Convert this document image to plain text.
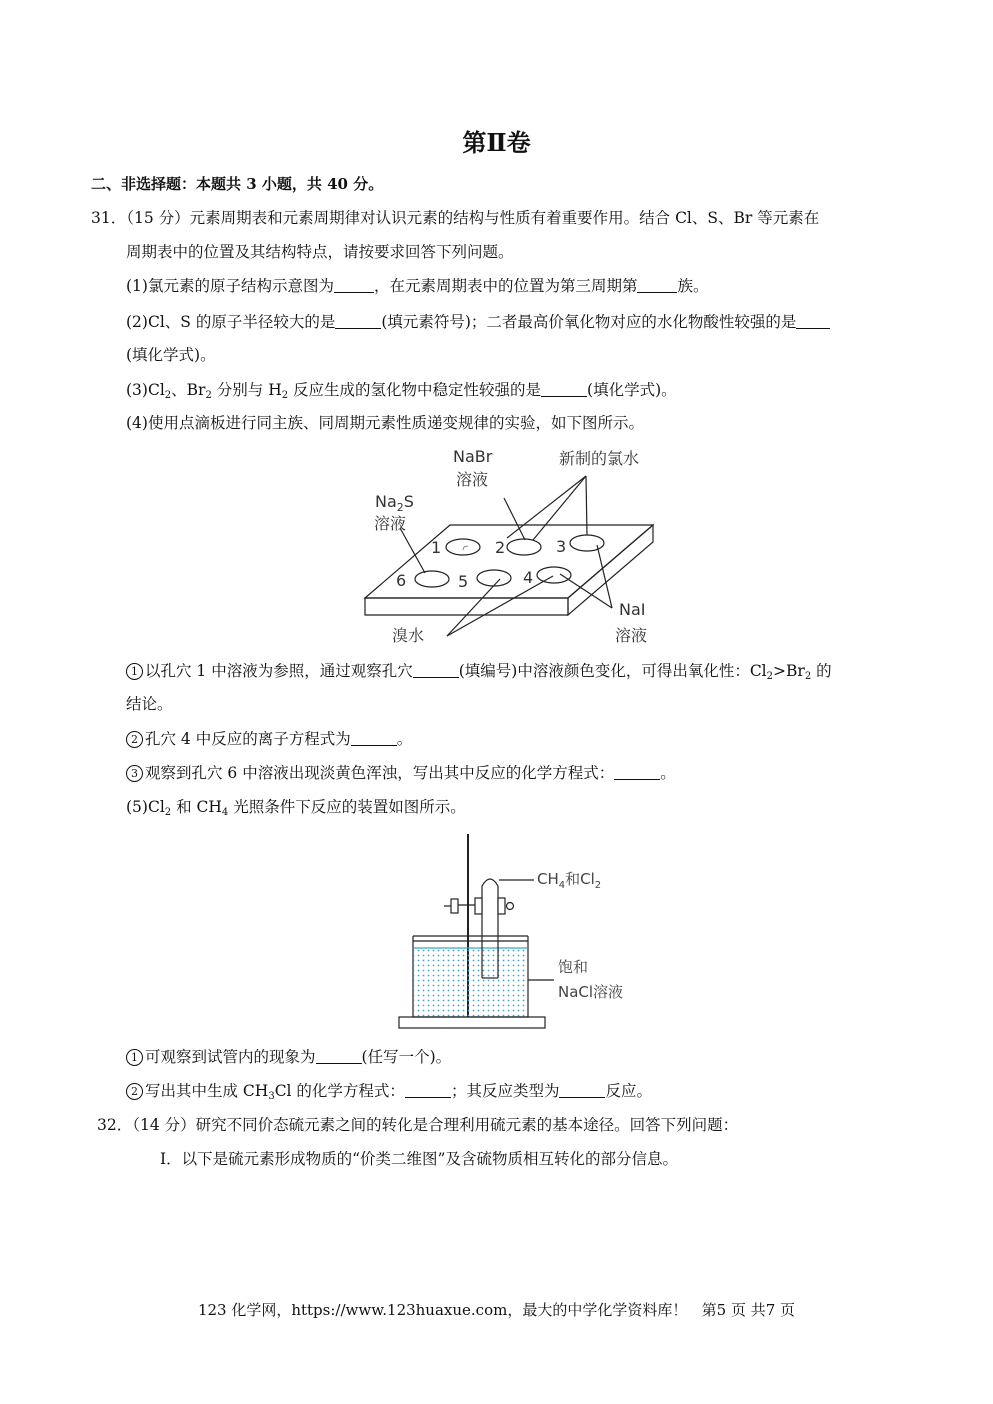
第Ⅱ卷
二、非选择题：本题共 3 小题，共 40 分。
31．（15 分）元素周期表和元素周期律对认识元素的结构与性质有着重要作用。结合 Cl、S、Br 等元素在
周期表中的位置及其结构特点，请按要求回答下列问题。
(1)氯元素的原子结构示意图为	，在元素周期表中的位置为第三周期第	族。
(2)Cl、S 的原子半径较大的是	(填元素符号)；二者最高价氧化物对应的水化物酸性较强的是
(填化学式)。
$(3)Cl_2$、$Br_2$ 分别与 $H_2$ 反应生成的氢化物中稳定性较强的是	(填化学式)。
(4)使用点滴板进行同主族、同周期元素性质递变规律的实验，如下图所示。
NaBr
溶液
新制的氯水
$Na_2S$
溶液
1	2	3
4
5
6
溴水
NaI
溶液
1 以孔穴 1 中溶液为参照，通过观察孔穴	(填编号)中溶液颜色变化，可得出氧化性：$Cl_2>Br_2$ 的
结论。
2 孔穴 4 中反应的离子方程式为	。
3 观察到孔穴 6 中溶液出现淡黄色浑浊，写出其中反应的化学方程式：	。
$(5)Cl_2$ 和 $CH_4$ 光照条件下反应的装置如图所示。
$CH_4$和$Cl_2$
饱和
NaCl溶液
1 可观察到试管内的现象为	(任写一个)。
2 写出其中生成 $CH_3Cl$ 的化学方程式：	；其反应类型为	反应。
32．（14 分）研究不同价态硫元素之间的转化是合理利用硫元素的基本途径。回答下列问题：
I．以下是硫元素形成物质的“价类二维图”及含硫物质相互转化的部分信息。
123 化学网，https://www.123huaxue.com，最大的中学化学资料库！ 第5 页 共7 页
